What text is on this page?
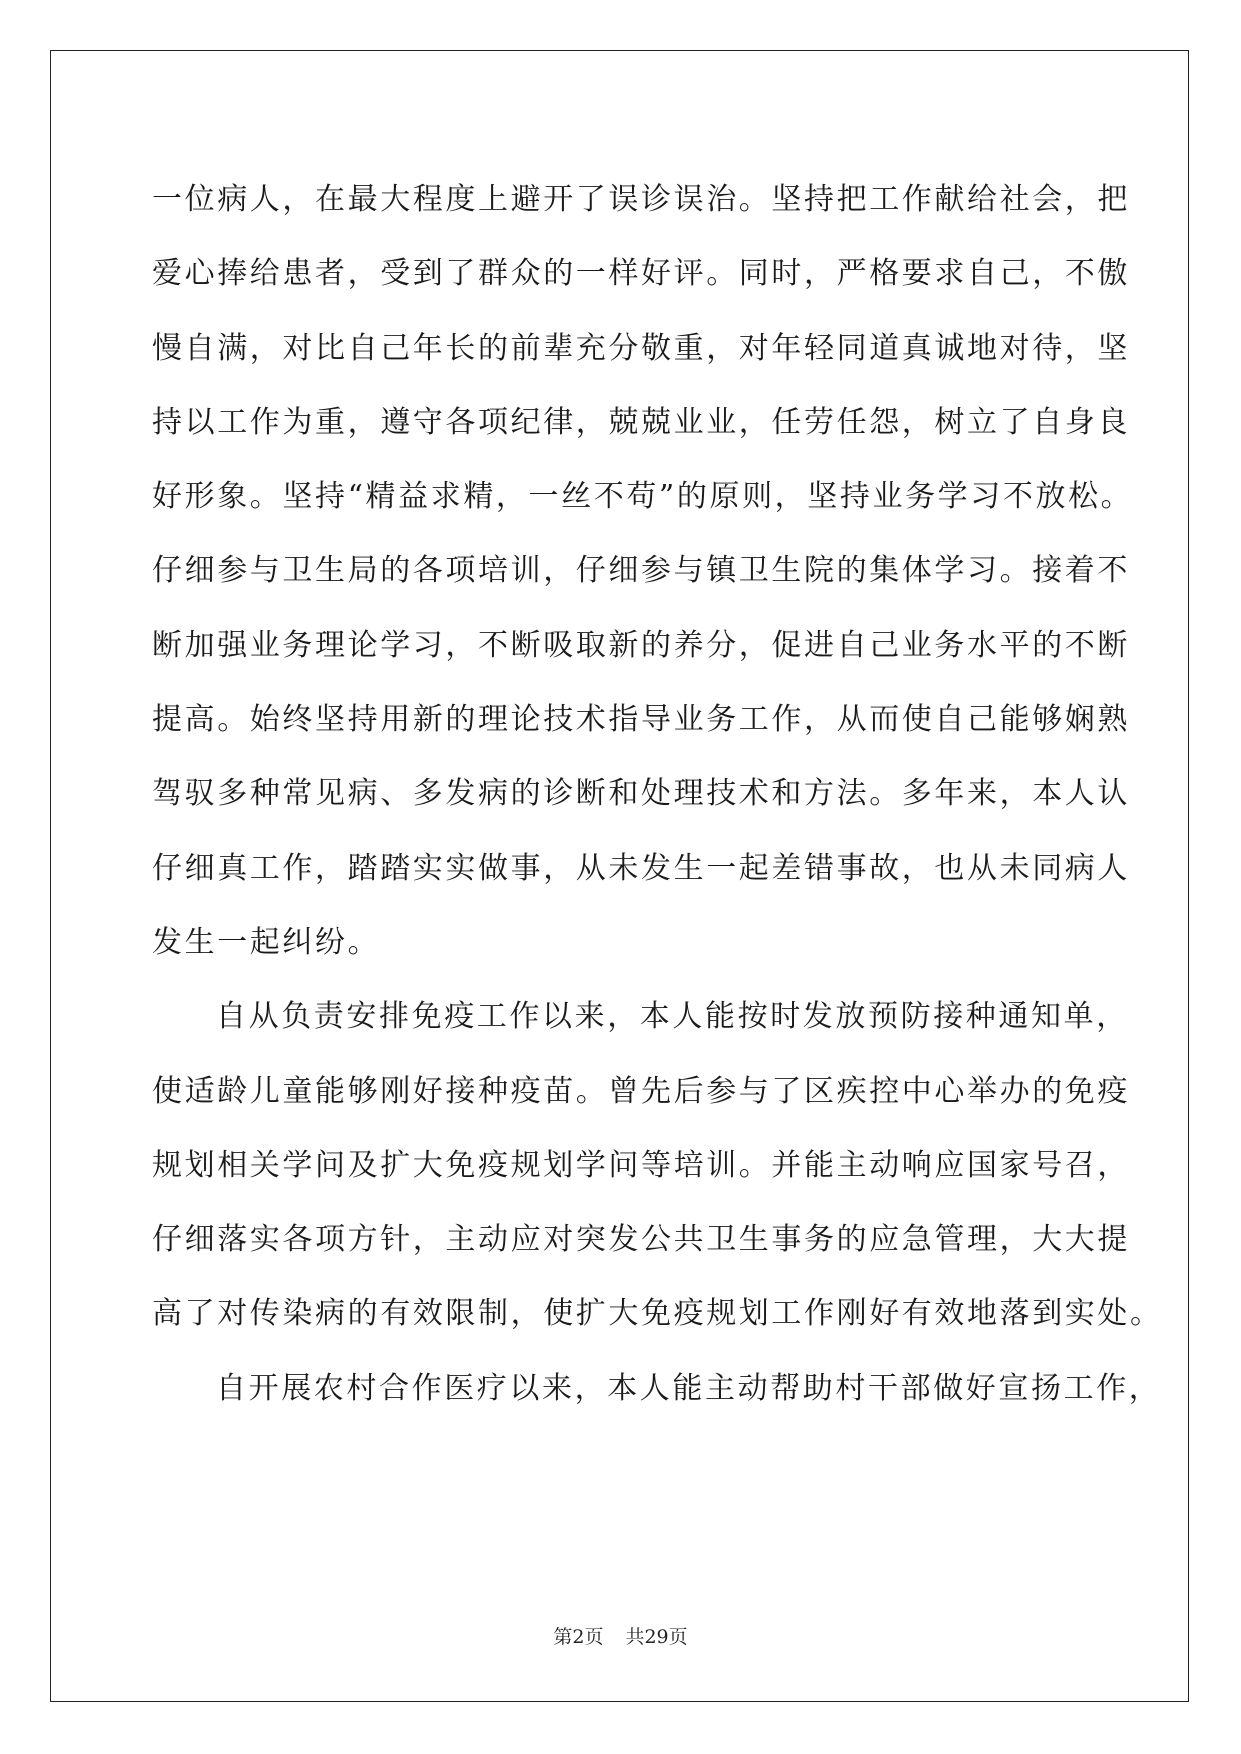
一位病人，在最大程度上避开了误诊误治。坚持把工作献给社会，把
爱心捧给患者，受到了群众的一样好评。同时，严格要求自己，不傲
慢自满，对比自己年长的前辈充分敬重，对年轻同道真诚地对待，坚
持以工作为重，遵守各项纪律，兢兢业业，任劳任怨，树立了自身良
好形象。坚持“精益求精，一丝不苟”的原则，坚持业务学习不放松。
仔细参与卫生局的各项培训，仔细参与镇卫生院的集体学习。接着不
断加强业务理论学习，不断吸取新的养分，促进自己业务水平的不断
提高。始终坚持用新的理论技术指导业务工作，从而使自己能够娴熟
驾驭多种常见病、多发病的诊断和处理技术和方法。多年来，本人认
仔细真工作，踏踏实实做事，从未发生一起差错事故，也从未同病人
发生一起纠纷。
自从负责安排免疫工作以来，本人能按时发放预防接种通知单，
使适龄儿童能够刚好接种疫苗。曾先后参与了区疾控中心举办的免疫
规划相关学问及扩大免疫规划学问等培训。并能主动响应国家号召，
仔细落实各项方针，主动应对突发公共卫生事务的应急管理，大大提
高了对传染病的有效限制，使扩大免疫规划工作刚好有效地落到实处。
自开展农村合作医疗以来，本人能主动帮助村干部做好宣扬工作，
第2页 共29页
